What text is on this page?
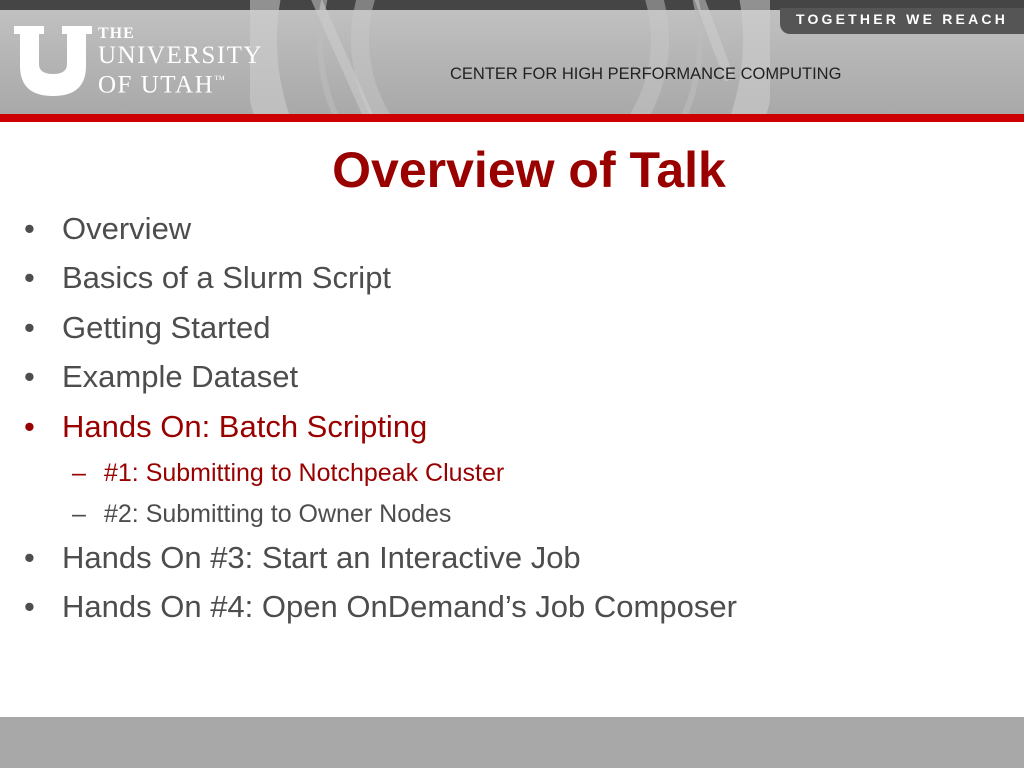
TOGETHER WE REACH
THE
UNIVERSITY
OF UTAH™	CENTER FOR HIGH PERFORMANCE COMPUTING
Overview of Talk
• Overview
• Basics of a Slurm Script
• Getting Started
• Example Dataset
• Hands On: Batch Scripting
– #1: Submitting to Notchpeak Cluster
– #2: Submitting to Owner Nodes
• Hands On #3: Start an Interactive Job
• Hands On #4: Open OnDemand’s Job Composer
